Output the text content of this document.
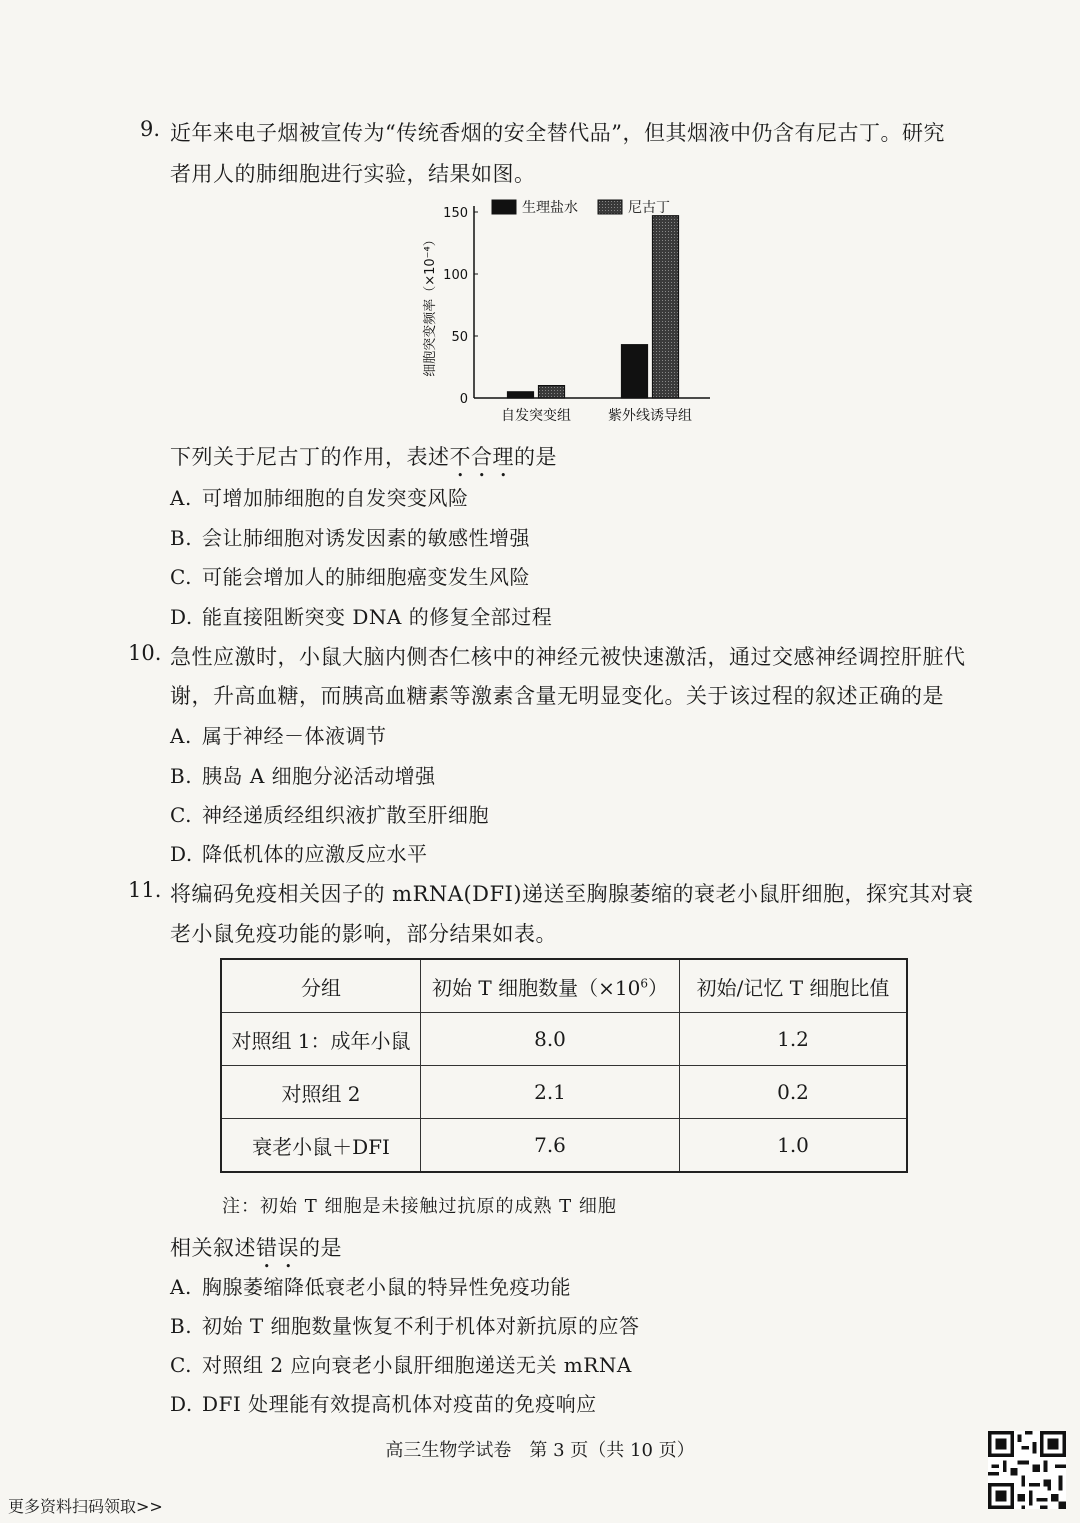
9. 近年来电子烟被宣传为“传统香烟的安全替代品”，但其烟液中仍含有尼古丁。研究
者用人的肺细胞进行实验，结果如图。
0
50
100
150
细胞突变频率（×10⁻⁴）
自发突变组	紫外线诱导组
生理盐水	尼古丁
下列关于尼古丁的作用，表述不合理的是
A. 可增加肺细胞的自发突变风险
B. 会让肺细胞对诱发因素的敏感性增强
C. 可能会增加人的肺细胞癌变发生风险
D. 能直接阻断突变 DNA 的修复全部过程
10. 急性应激时，小鼠大脑内侧杏仁核中的神经元被快速激活，通过交感神经调控肝脏代
谢，升高血糖，而胰高血糖素等激素含量无明显变化。关于该过程的叙述正确的是
A. 属于神经－体液调节
B. 胰岛 A 细胞分泌活动增强
C. 神经递质经组织液扩散至肝细胞
D. 降低机体的应激反应水平
11. 将编码免疫相关因子的 mRNA(DFI)递送至胸腺萎缩的衰老小鼠肝细胞，探究其对衰
老小鼠免疫功能的影响，部分结果如表。
分组	初始 T 细胞数量$(\times 10^6)$	初始/记忆 T 细胞比值
对照组 1：成年小鼠	8.0	1.2
对照组 2	2.1	0.2
衰老小鼠＋DFI	7.6	1.0
注：初始 T 细胞是未接触过抗原的成熟 T 细胞
相关叙述错误的是
A. 胸腺萎缩降低衰老小鼠的特异性免疫功能
B. 初始 T 细胞数量恢复不利于机体对新抗原的应答
C. 对照组 2 应向衰老小鼠肝细胞递送无关 mRNA
D. DFI 处理能有效提高机体对疫苗的免疫响应
高三生物学试卷　第 3 页（共 10 页）
更多资料扫码领取>>
